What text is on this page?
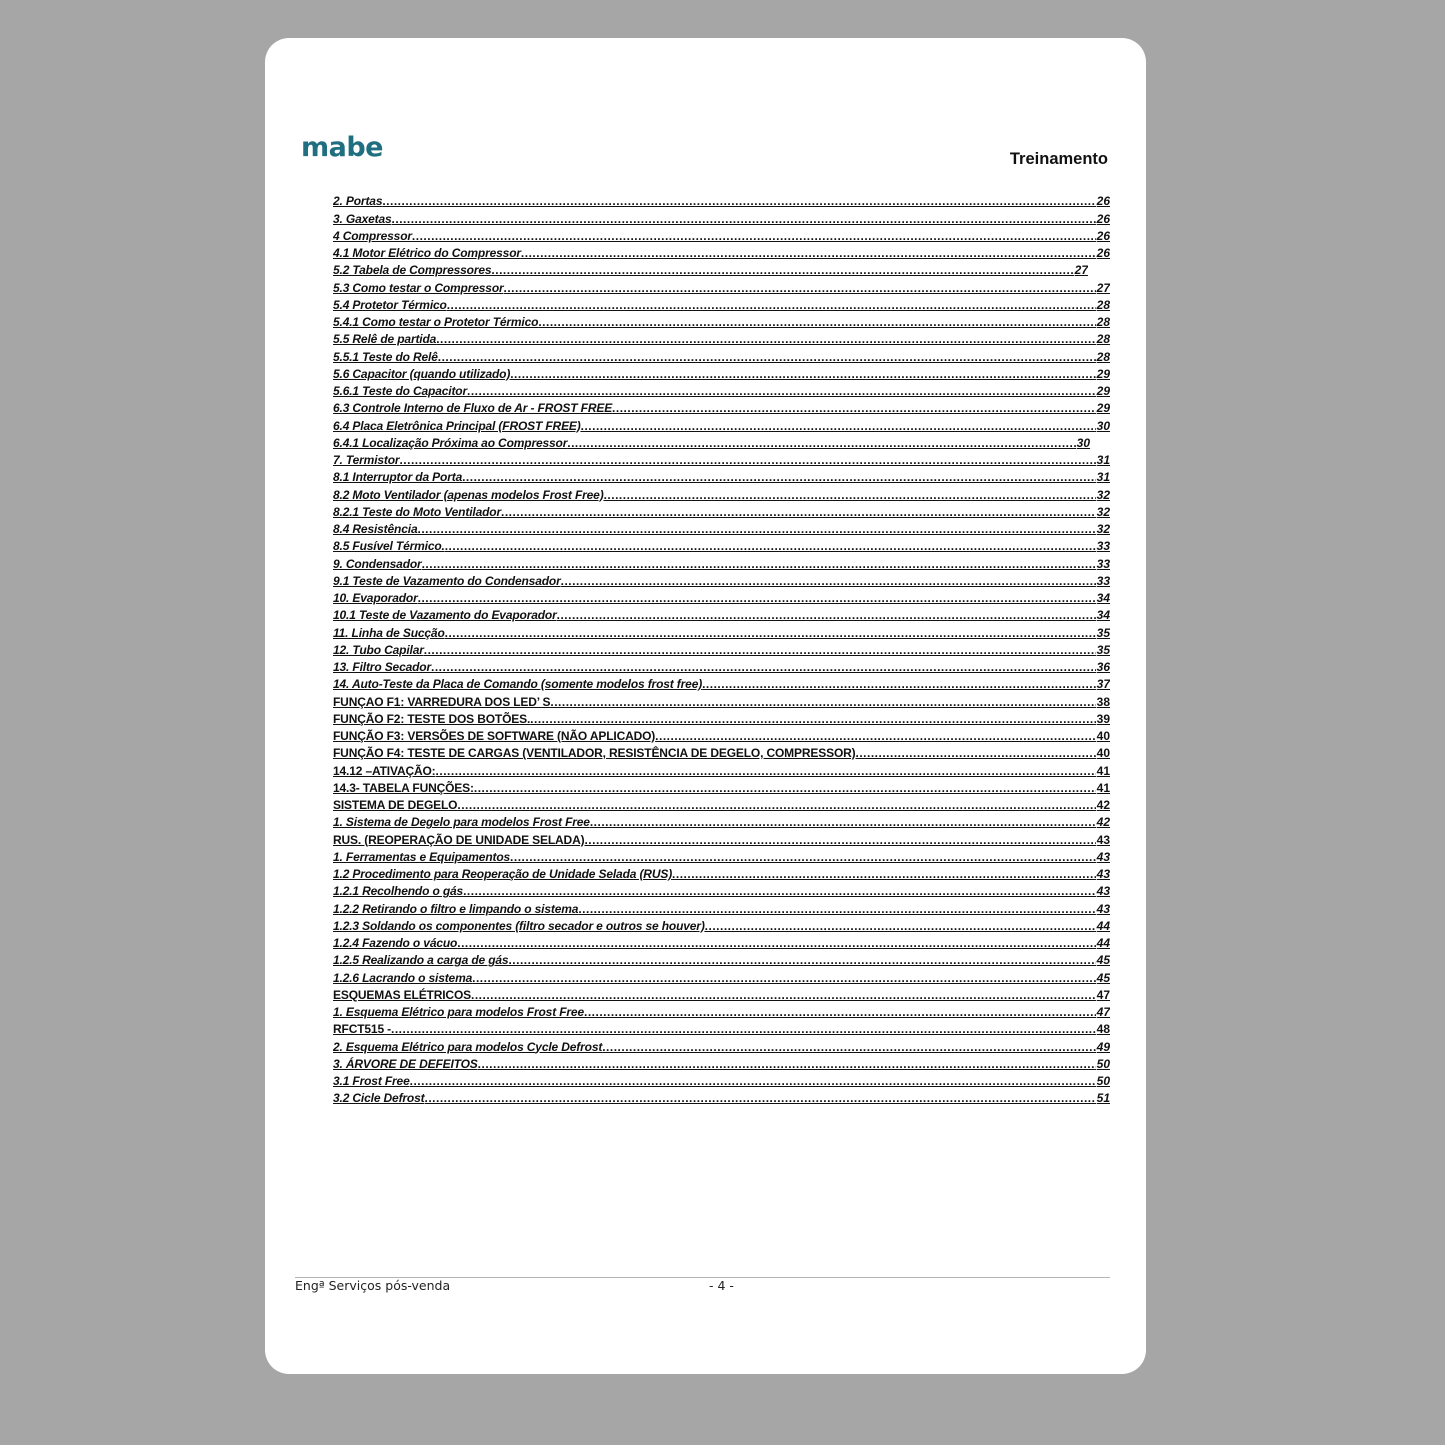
mabe	Treinamento
2. Portas .....	26
3. Gaxetas .....	26
4 Compressor .....	26
4.1 Motor Elétrico do Compressor .....	26
5.2 Tabela de Compressores .....	27
5.3 Como testar o Compressor .....	27
5.4 Protetor Térmico .....	28
5.4.1 Como testar o Protetor Térmico .....	28
5.5 Relê de partida .....	28
5.5.1 Teste do Relê .....	28
5.6 Capacitor (quando utilizado) .....	29
5.6.1 Teste do Capacitor .....	29
6.3 Controle Interno de Fluxo de Ar - FROST FREE .....	29
6.4 Placa Eletrônica Principal (FROST FREE) .....	30
6.4.1 Localização Próxima ao Compressor .....	30
7. Termistor .....	31
8.1 Interruptor da Porta .....	31
8.2 Moto Ventilador (apenas modelos Frost Free) .....	32
8.2.1 Teste do Moto Ventilador .....	32
8.4 Resistência .....	32
8.5 Fusível Térmico. .....	33
9. Condensador .....	33
9.1 Teste de Vazamento do Condensador .....	33
10. Evaporador .....	34
10.1 Teste de Vazamento do Evaporador .....	34
11. Linha de Sucção .....	35
12. Tubo Capilar .....	35
13. Filtro Secador .....	36
14. Auto-Teste da Placa de Comando (somente modelos frost free) .....	37
FUNÇAO F1: VARREDURA DOS LED’ S .....	38
FUNÇÃO F2: TESTE DOS BOTÕES. .....	39
FUNÇÃO F3: VERSÕES DE SOFTWARE (NÃO APLICADO) .....	40
FUNÇÃO F4: TESTE DE CARGAS (VENTILADOR, RESISTÊNCIA DE DEGELO, COMPRESSOR) .....	40
14.12 –ATIVAÇÃO: .....	41
14.3- TABELA FUNÇÕES: .....	41
SISTEMA DE DEGELO .....	42
1. Sistema de Degelo para modelos Frost Free .....	42
RUS. (REOPERAÇÃO DE UNIDADE SELADA) .....	43
1. Ferramentas e Equipamentos .....	43
1.2 Procedimento para Reoperação de Unidade Selada (RUS) .....	43
1.2.1 Recolhendo o gás .....	43
1.2.2 Retirando o filtro e limpando o sistema .....	43
1.2.3 Soldando os componentes (filtro secador e outros se houver) .....	44
1.2.4 Fazendo o vácuo .....	44
1.2.5 Realizando a carga de gás .....	45
1.2.6 Lacrando o sistema .....	45
ESQUEMAS ELÉTRICOS .....	47
1. Esquema Elétrico para modelos Frost Free .....	47
RFCT515 - .....	48
2. Esquema Elétrico para modelos Cycle Defrost .....	49
3. ÁRVORE DE DEFEITOS .....	50
3.1 Frost Free .....	50
3.2 Cicle Defrost .....	51
Engª Serviços pós-venda	- 4 -
